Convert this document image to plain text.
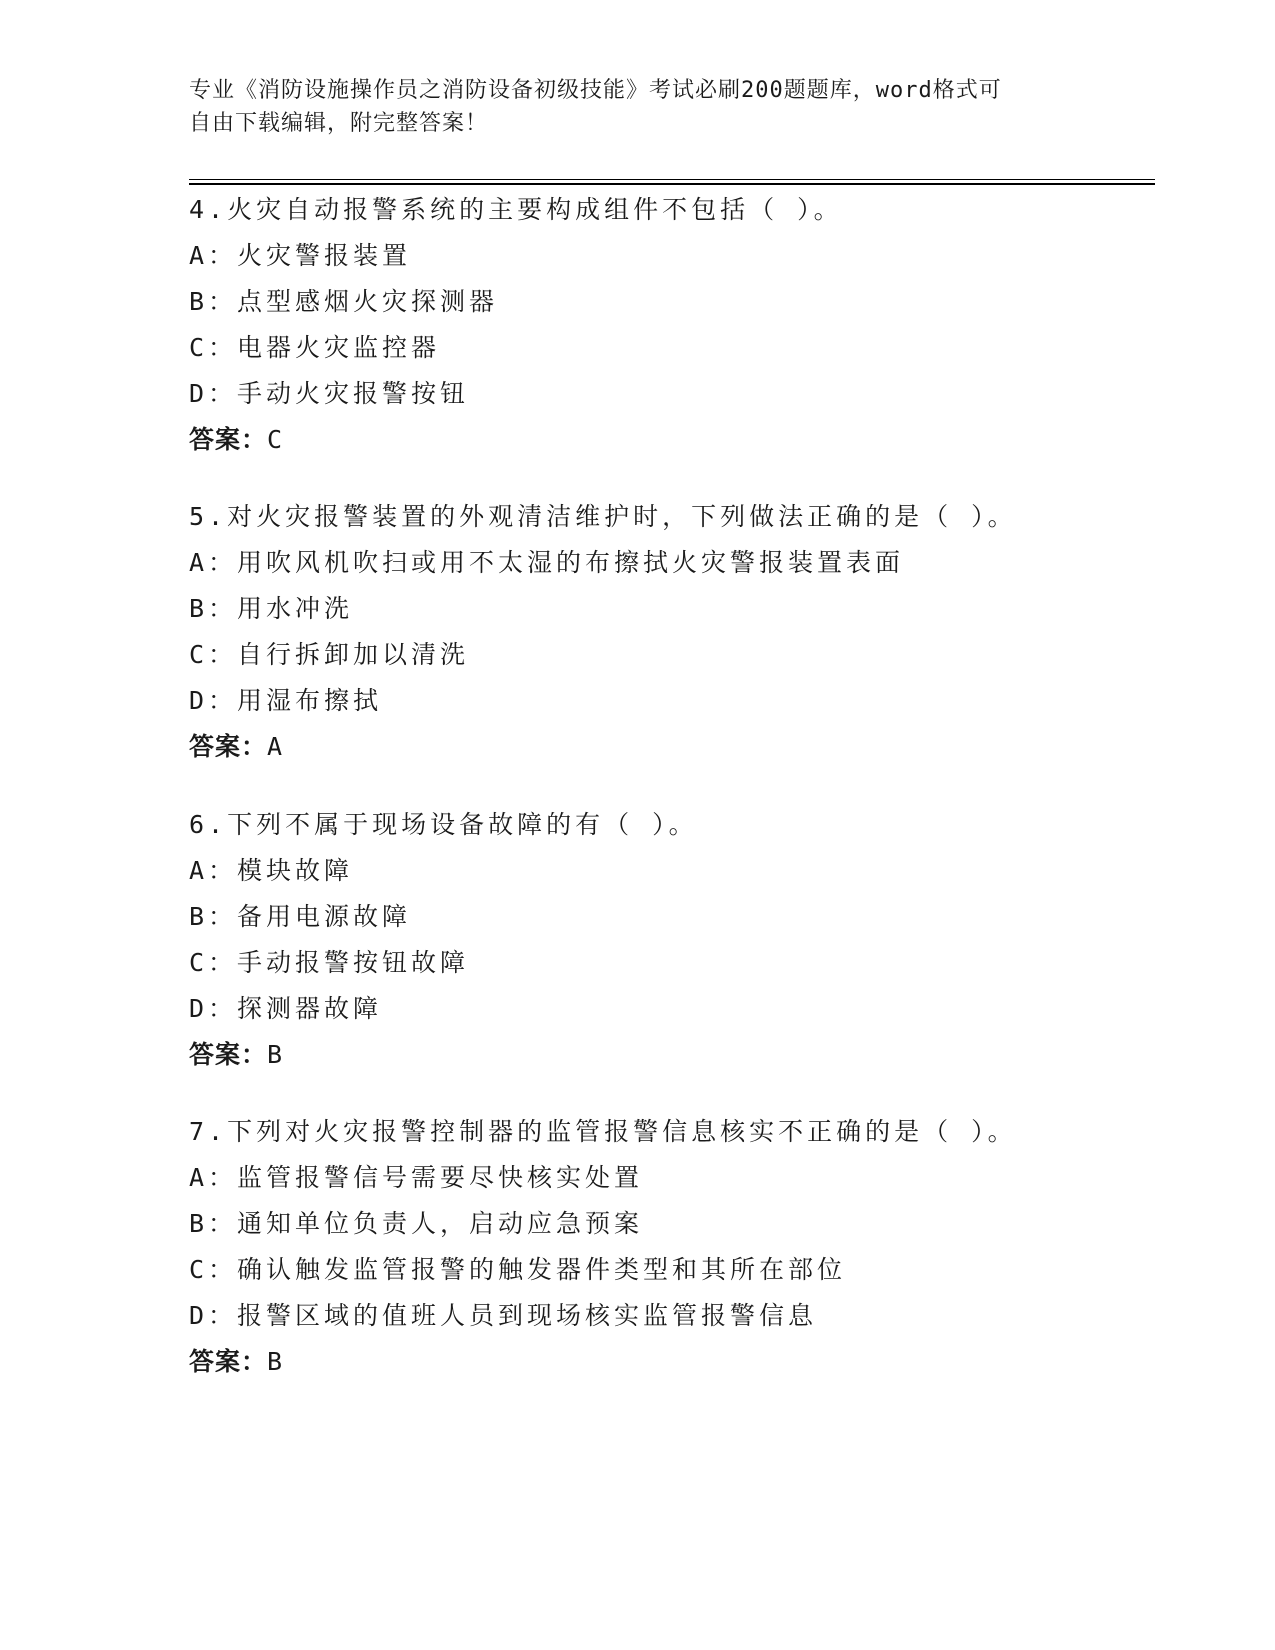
专业《消防设施操作员之消防设备初级技能》考试必刷200题题库，word格式可
自由下载编辑，附完整答案！
4.火灾自动报警系统的主要构成组件不包括（ ）。
A：火灾警报装置
B：点型感烟火灾探测器
C：电器火灾监控器
D：手动火灾报警按钮
答案：C
5.对火灾报警装置的外观清洁维护时，下列做法正确的是（ ）。
A：用吹风机吹扫或用不太湿的布擦拭火灾警报装置表面
B：用水冲洗
C：自行拆卸加以清洗
D：用湿布擦拭
答案：A
6.下列不属于现场设备故障的有（ ）。
A：模块故障
B：备用电源故障
C：手动报警按钮故障
D：探测器故障
答案：B
7.下列对火灾报警控制器的监管报警信息核实不正确的是（ ）。
A：监管报警信号需要尽快核实处置
B：通知单位负责人，启动应急预案
C：确认触发监管报警的触发器件类型和其所在部位
D：报警区域的值班人员到现场核实监管报警信息
答案：B
